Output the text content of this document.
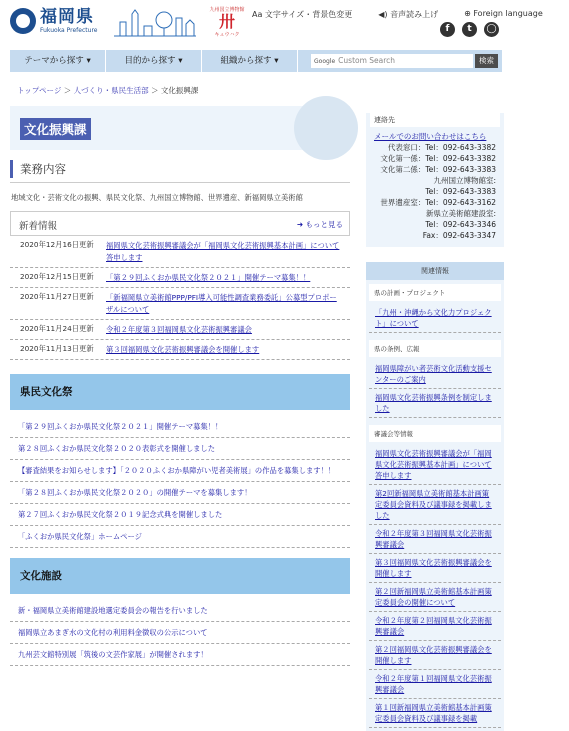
福岡県
Fukuoka Prefecture
九州国立博物館
卅
キュウハク
Aa 文字サイズ・背景色変更	◀) 音声読み上げ	⊕ Foreign language
f	t	◯
テーマから探す ▾	目的から探す ▾	組織から探す ▾	Google Custom Search	検索
トップページ ＞ 人づくり・県民生活部 ＞ 文化振興課
文化振興課
業務内容
地域文化・芸術文化の振興、県民文化祭、九州国立博物館、世界遺産、新福岡県立美術館
新着情報	➜ もっと見る
2020年12月16日更新	福岡県文化芸術振興審議会が「福岡県文化芸術振興基本計画」について答申します
2020年12月15日更新	「第２９回ふくおか県民文化祭２０２１」開催テーマ募集！！
2020年11月27日更新	「新福岡県立美術館PPP/PFI導入可能性調査業務委託」公募型プロポーザルについて
2020年11月24日更新	令和２年度第３回福岡県文化芸術振興審議会
2020年11月13日更新	第３回福岡県文化芸術振興審議会を開催します
県民文化祭
「第２９回ふくおか県民文化祭２０２１」開催テーマ募集！！
第２８回ふくおか県民文化祭２０２０表彰式を開催しました
【審査結果をお知らせします】「２０２０ふくおか県障がい児者美術展」の作品を募集します！！
「第２８回ふくおか県民文化祭２０２０」の開催テーマを募集します！
第２７回ふくおか県民文化祭２０１９記念式典を開催しました
「ふくおか県民文化祭」ホームページ
文化施設
新・福岡県立美術館建設地選定委員会の報告を行いました
福岡県立あまぎ水の文化村の利用料金徴収の公示について
九州芸文館特別展「筑後の文芸作家展」が開催されます！
連絡先
メールでのお問い合わせはこちら
代表窓口：Tel：092-643-3382
文化第一係：Tel：092-643-3382
文化第二係：Tel：092-643-3383
九州国立博物館室:
Tel：092-643-3383
世界遺産室：Tel：092-643-3162
新県立美術館建設室:
Tel：092-643-3346
Fax：092-643-3347
関連情報
県の計画・プロジェクト
「九州・沖縄から文化力プロジェクト」について
県の条例、広報
福岡県障がい者芸術文化活動支援センターのご案内
福岡県文化芸術振興条例を制定しました
審議会等情報
福岡県文化芸術振興審議会が「福岡県文化芸術振興基本計画」について答申します
第2回新福岡県立美術館基本計画策定委員会資料及び議事録を掲載しました
令和２年度第３回福岡県文化芸術振興審議会
第３回福岡県文化芸術振興審議会を開催します
第２回新福岡県立美術館基本計画策定委員会の開催について
令和２年度第２回福岡県文化芸術振興審議会
第２回福岡県文化芸術振興審議会を開催します
令和２年度第１回福岡県文化芸術振興審議会
第１回新福岡県立美術館基本計画策定委員会資料及び議事録を掲載
